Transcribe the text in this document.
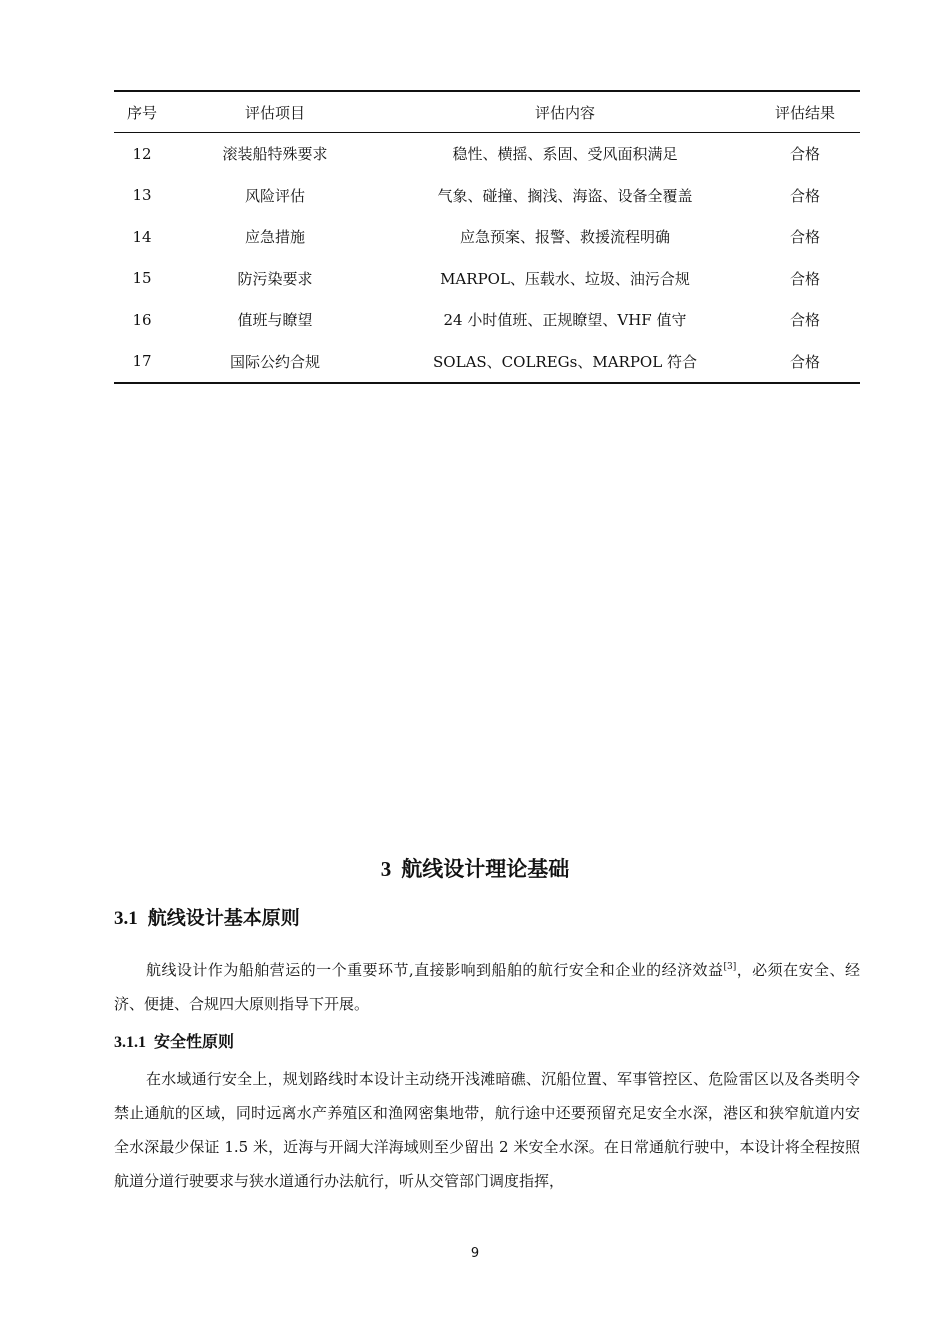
序号	评估项目	评估内容	评估结果
12	滚装船特殊要求	稳性、横摇、系固、受风面积满足	合格
13	风险评估	气象、碰撞、搁浅、海盗、设备全覆盖	合格
14	应急措施	应急预案、报警、救援流程明确	合格
15	防污染要求	MARPOL、压载水、垃圾、油污合规	合格
16	值班与瞭望	24 小时值班、正规瞭望、VHF 值守	合格
17	国际公约合规	SOLAS、COLREGs、MARPOL 符合	合格
3 航线设计理论基础
3.1 航线设计基本原则

航线设计作为船舶营运的一个重要环节,直接影响到船舶的航行安全和企业的经济效益[3]，必须在安全、经济、便捷、合规四大原则指导下开展。

3.1.1 安全性原则

在水域通行安全上，规划路线时本设计主动绕开浅滩暗礁、沉船位置、军事管控区、危险雷区以及各类明令禁止通航的区域，同时远离水产养殖区和渔网密集地带，航行途中还要预留充足安全水深，港区和狭窄航道内安全水深最少保证 1.5 米，近海与开阔大洋海域则至少留出 2 米安全水深。在日常通航行驶中，本设计将全程按照航道分道行驶要求与狭水道通行办法航行，听从交管部门调度指挥，

9
